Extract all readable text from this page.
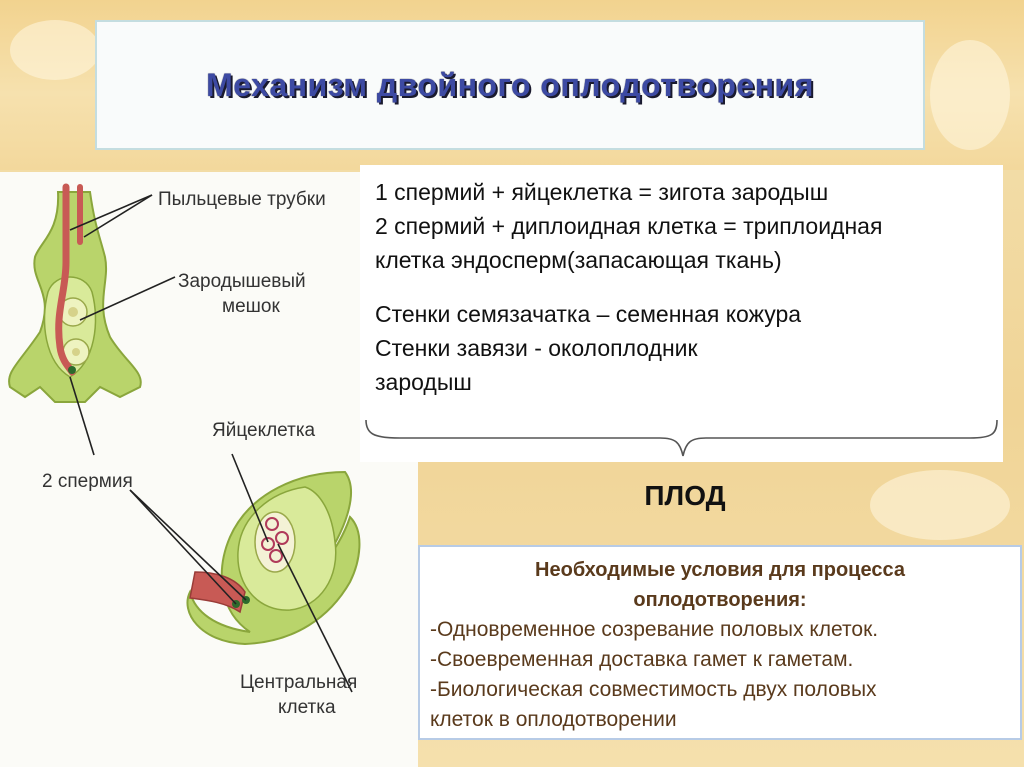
Механизм двойного оплодотворения
Пыльцевые трубки
Зародышевый
мешок
Яйцеклетка
2 спермия
Центральная
клетка
1 спермий + яйцеклетка = зигота зародыш
2 спермий + диплоидная клетка = триплоидная
клетка эндосперм(запасающая ткань)
Стенки семязачатка – семенная кожура
Стенки завязи - околоплодник
зародыш
ПЛОД
Необходимые условия для процесса
оплодотворения:
-Одновременное созревание половых клеток.
-Своевременная доставка гамет к гаметам.
-Биологическая совместимость двух половых
клеток в оплодотворении
